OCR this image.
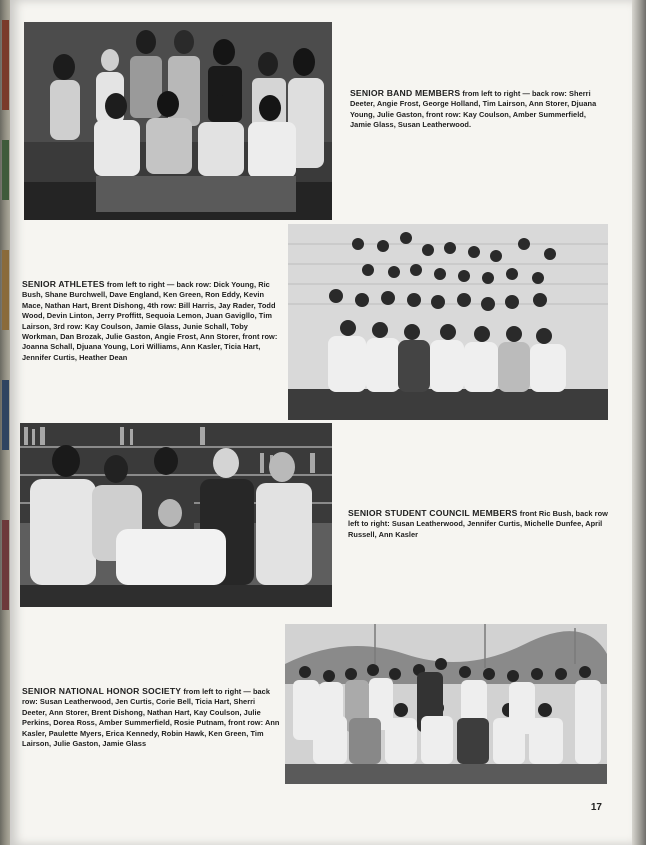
SENIOR BAND MEMBERS from left to right — back row: Sherri Deeter, Angie Frost, George Holland, Tim Lairson, Ann Storer, Djuana Young, Julie Gaston, front row: Kay Coulson, Amber Summerfield, Jamie Glass, Susan Leatherwood.
SENIOR ATHLETES from left to right — back row: Dick Young, Ric Bush, Shane Burchwell, Dave England, Ken Green, Ron Eddy, Kevin Mace, Nathan Hart, Brent Dishong, 4th row: Bill Harris, Jay Rader, Todd Wood, Devin Linton, Jerry Proffitt, Sequoia Lemon, Juan Gavigllo, Tim Lairson, 3rd row: Kay Coulson, Jamie Glass, Junie Schall, Toby Workman, Dan Brozak, Julie Gaston, Angie Frost, Ann Storer, front row: Joanna Schall, Djuana Young, Lori Williams, Ann Kasler, Ticia Hart, Jennifer Curtis, Heather Dean
SENIOR STUDENT COUNCIL MEMBERS front Ric Bush, back row left to right: Susan Leatherwood, Jennifer Curtis, Michelle Dunfee, April Russell, Ann Kasler
SENIOR NATIONAL HONOR SOCIETY from left to right — back row: Susan Leatherwood, Jen Curtis, Corie Bell, Ticia Hart, Sherri Deeter, Ann Storer, Brent Dishong, Nathan Hart, Kay Coulson, Julie Perkins, Dorea Ross, Amber Summerfield, Rosie Putnam, front row: Ann Kasler, Paulette Myers, Erica Kennedy, Robin Hawk, Ken Green, Tim Lairson, Julie Gaston, Jamie Glass
17
